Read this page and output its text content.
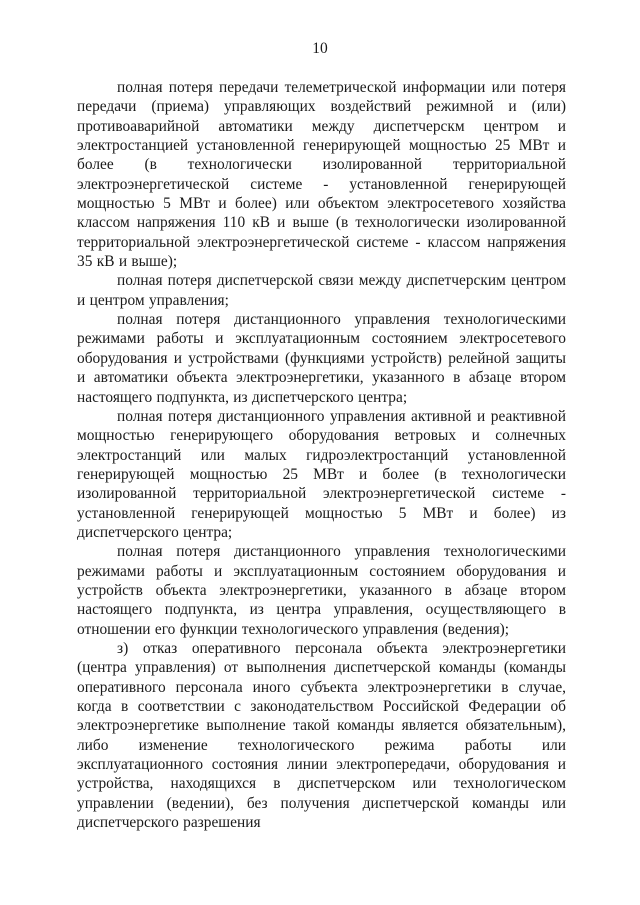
10

полная потеря передачи телеметрической информации или потеря передачи (приема) управляющих воздействий режимной и (или) противоаварийной автоматики между диспетчерскм центром и электростанцией установленной генерирующей мощностью 25 МВт и более (в технологически изолированной территориальной электроэнергетической системе - установленной генерирующей мощностью 5 МВт и более) или объектом электросетевого хозяйства классом напряжения 110 кВ и выше (в технологически изолированной территориальной электроэнергетической системе - классом напряжения 35 кВ и выше);

полная потеря диспетчерской связи между диспетчерским центром и центром управления;

полная потеря дистанционного управления технологическими режимами работы и эксплуатационным состоянием электросетевого оборудования и устройствами (функциями устройств) релейной защиты и автоматики объекта электроэнергетики, указанного в абзаце втором настоящего подпункта, из диспетчерского центра;

полная потеря дистанционного управления активной и реактивной мощностью генерирующего оборудования ветровых и солнечных электростанций или малых гидроэлектростанций установленной генерирующей мощностью 25 МВт и более (в технологически изолированной территориальной электроэнергетической системе - установленной генерирующей мощностью 5 МВт и более) из диспетчерского центра;

полная потеря дистанционного управления технологическими режимами работы и эксплуатационным состоянием оборудования и устройств объекта электроэнергетики, указанного в абзаце втором настоящего подпункта, из центра управления, осуществляющего в отношении его функции технологического управления (ведения);

з) отказ оперативного персонала объекта электроэнергетики (центра управления) от выполнения диспетчерской команды (команды оперативного персонала иного субъекта электроэнергетики в случае, когда в соответствии с законодательством Российской Федерации об электроэнергетике выполнение такой команды является обязательным), либо изменение технологического режима работы или эксплуатационного состояния линии электропередачи, оборудования и устройства, находящихся в диспетчерском или технологическом управлении (ведении), без получения диспетчерской команды или диспетчерского разрешения
